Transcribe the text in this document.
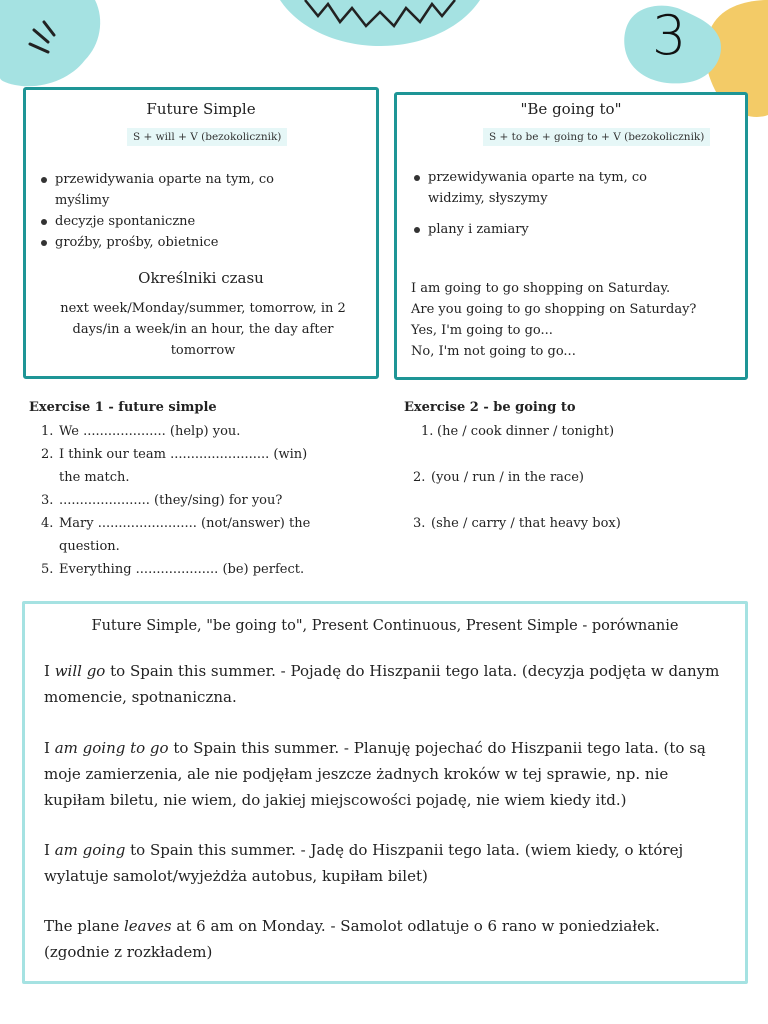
3
Future Simple
S + will + V (bezokolicznik)
przewidywania oparte na tym, co myślimy
decyzje spontaniczne
groźby, prośby, obietnice
Określniki czasu
next week/Monday/summer, tomorrow, in 2 days/in a week/in an hour, the day after tomorrow
"Be going to"
S + to be + going to + V (bezokolicznik)
przewidywania oparte na tym, co widzimy, słyszymy
plany i zamiary
I am going to go shopping on Saturday.
Are you going to go shopping on Saturday?
Yes, I'm going to go...
No, I'm not going to go...
Exercise 1 - future simple
1. We .................... (help) you.
2. I think our team ........................ (win) the match.
3. ...................... (they/sing) for you?
4. Mary ........................ (not/answer) the question.
5. Everything .................... (be) perfect.
Exercise 2 - be going to
1. (he / cook dinner / tonight)
2. (you / run / in the race)
3. (she / carry / that heavy box)
Future Simple, "be going to", Present Continuous, Present Simple - porównanie
I will go to Spain this summer. - Pojadę do Hiszpanii tego lata. (decyzja podjęta w danym momencie, spotnaniczna.
I am going to go to Spain this summer. - Planuję pojechać do Hiszpanii tego lata. (to są moje zamierzenia, ale nie podjęłam jeszcze żadnych kroków w tej sprawie, np. nie kupiłam biletu, nie wiem, do jakiej miejscowości pojadę, nie wiem kiedy itd.)
I am going to Spain this summer. - Jadę do Hiszpanii tego lata. (wiem kiedy, o której wylatuje samolot/wyjeżdża autobus, kupiłam bilet)
The plane leaves at 6 am on Monday. - Samolot odlatuje o 6 rano w poniedziałek. (zgodnie z rozkładem)
